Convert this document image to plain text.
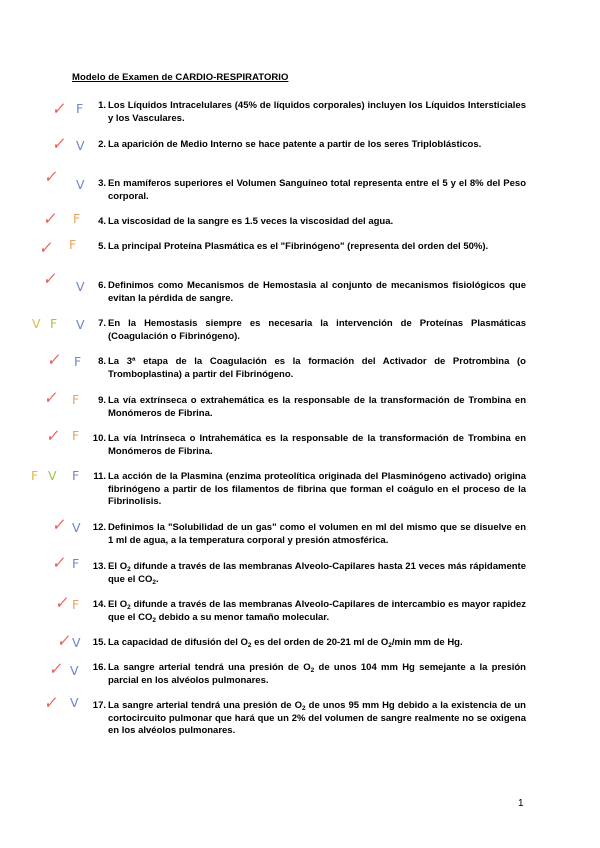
Modelo de Examen de CARDIO-RESPIRATORIO
✓ F	1. Los Líquidos Intracelulares (45% de líquidos corporales) incluyen los Líquidos Intersticiales y los Vasculares.
✓ V	2. La aparición de Medio Interno se hace patente a partir de los seres Triploblásticos.
✓ V	3. En mamíferos superiores el Volumen Sanguíneo total representa entre el 5 y el 8% del Peso corporal.
✓ F	4. La viscosidad de la sangre es 1.5 veces la viscosidad del agua.
✓ F	5. La principal Proteína Plasmática es el "Fibrinógeno" (representa del orden del 50%).
✓ V	6. Definimos como Mecanismos de Hemostasia al conjunto de mecanismos fisiológicos que evitan la pérdida de sangre.
V F V	7. En la Hemostasis siempre es necesaria la intervención de Proteínas Plasmáticas (Coagulación o Fibrinógeno).
✓ F	8. La 3ª etapa de la Coagulación es la formación del Activador de Protrombina (o Tromboplastina) a partir del Fibrinógeno.
✓ F	9. La vía extrínseca o extrahemática es la responsable de la transformación de Trombina en Monómeros de Fibrina.
✓ F	10. La vía Intrínseca o Intrahemática es la responsable de la transformación de Trombina en Monómeros de Fibrina.
F V F	11. La acción de la Plasmina (enzima proteolítica originada del Plasminógeno activado) origina fibrinógeno a partir de los filamentos de fibrina que forman el coágulo en el proceso de la Fibrinolisis.
✓ V	12. Definimos la "Solubilidad de un gas" como el volumen en ml del mismo que se disuelve en 1 ml de agua, a la temperatura corporal y presión atmosférica.
✓ F	13. El $O_2$ difunde a través de las membranas Alveolo-Capilares hasta 21 veces más rápidamente que el $CO_2$.
✓ F	14. El $O_2$ difunde a través de las membranas Alveolo-Capilares de intercambio es mayor rapidez que el $CO_2$ debido a su menor tamaño molecular.
✓ V	15. La capacidad de difusión del $O_2$ es del orden de 20-21 ml de $O_2/\min$ mm de Hg.
✓ V	16. La sangre arterial tendrá una presión de $O_2$ de unos 104 mm Hg semejante a la presión parcial en los alvéolos pulmonares.
✓ V	17. La sangre arterial tendrá una presión de $O_2$ de unos 95 mm Hg debido a la existencia de un cortocircuito pulmonar que hará que un 2% del volumen de sangre realmente no se oxigena en los alvéolos pulmonares.
1
